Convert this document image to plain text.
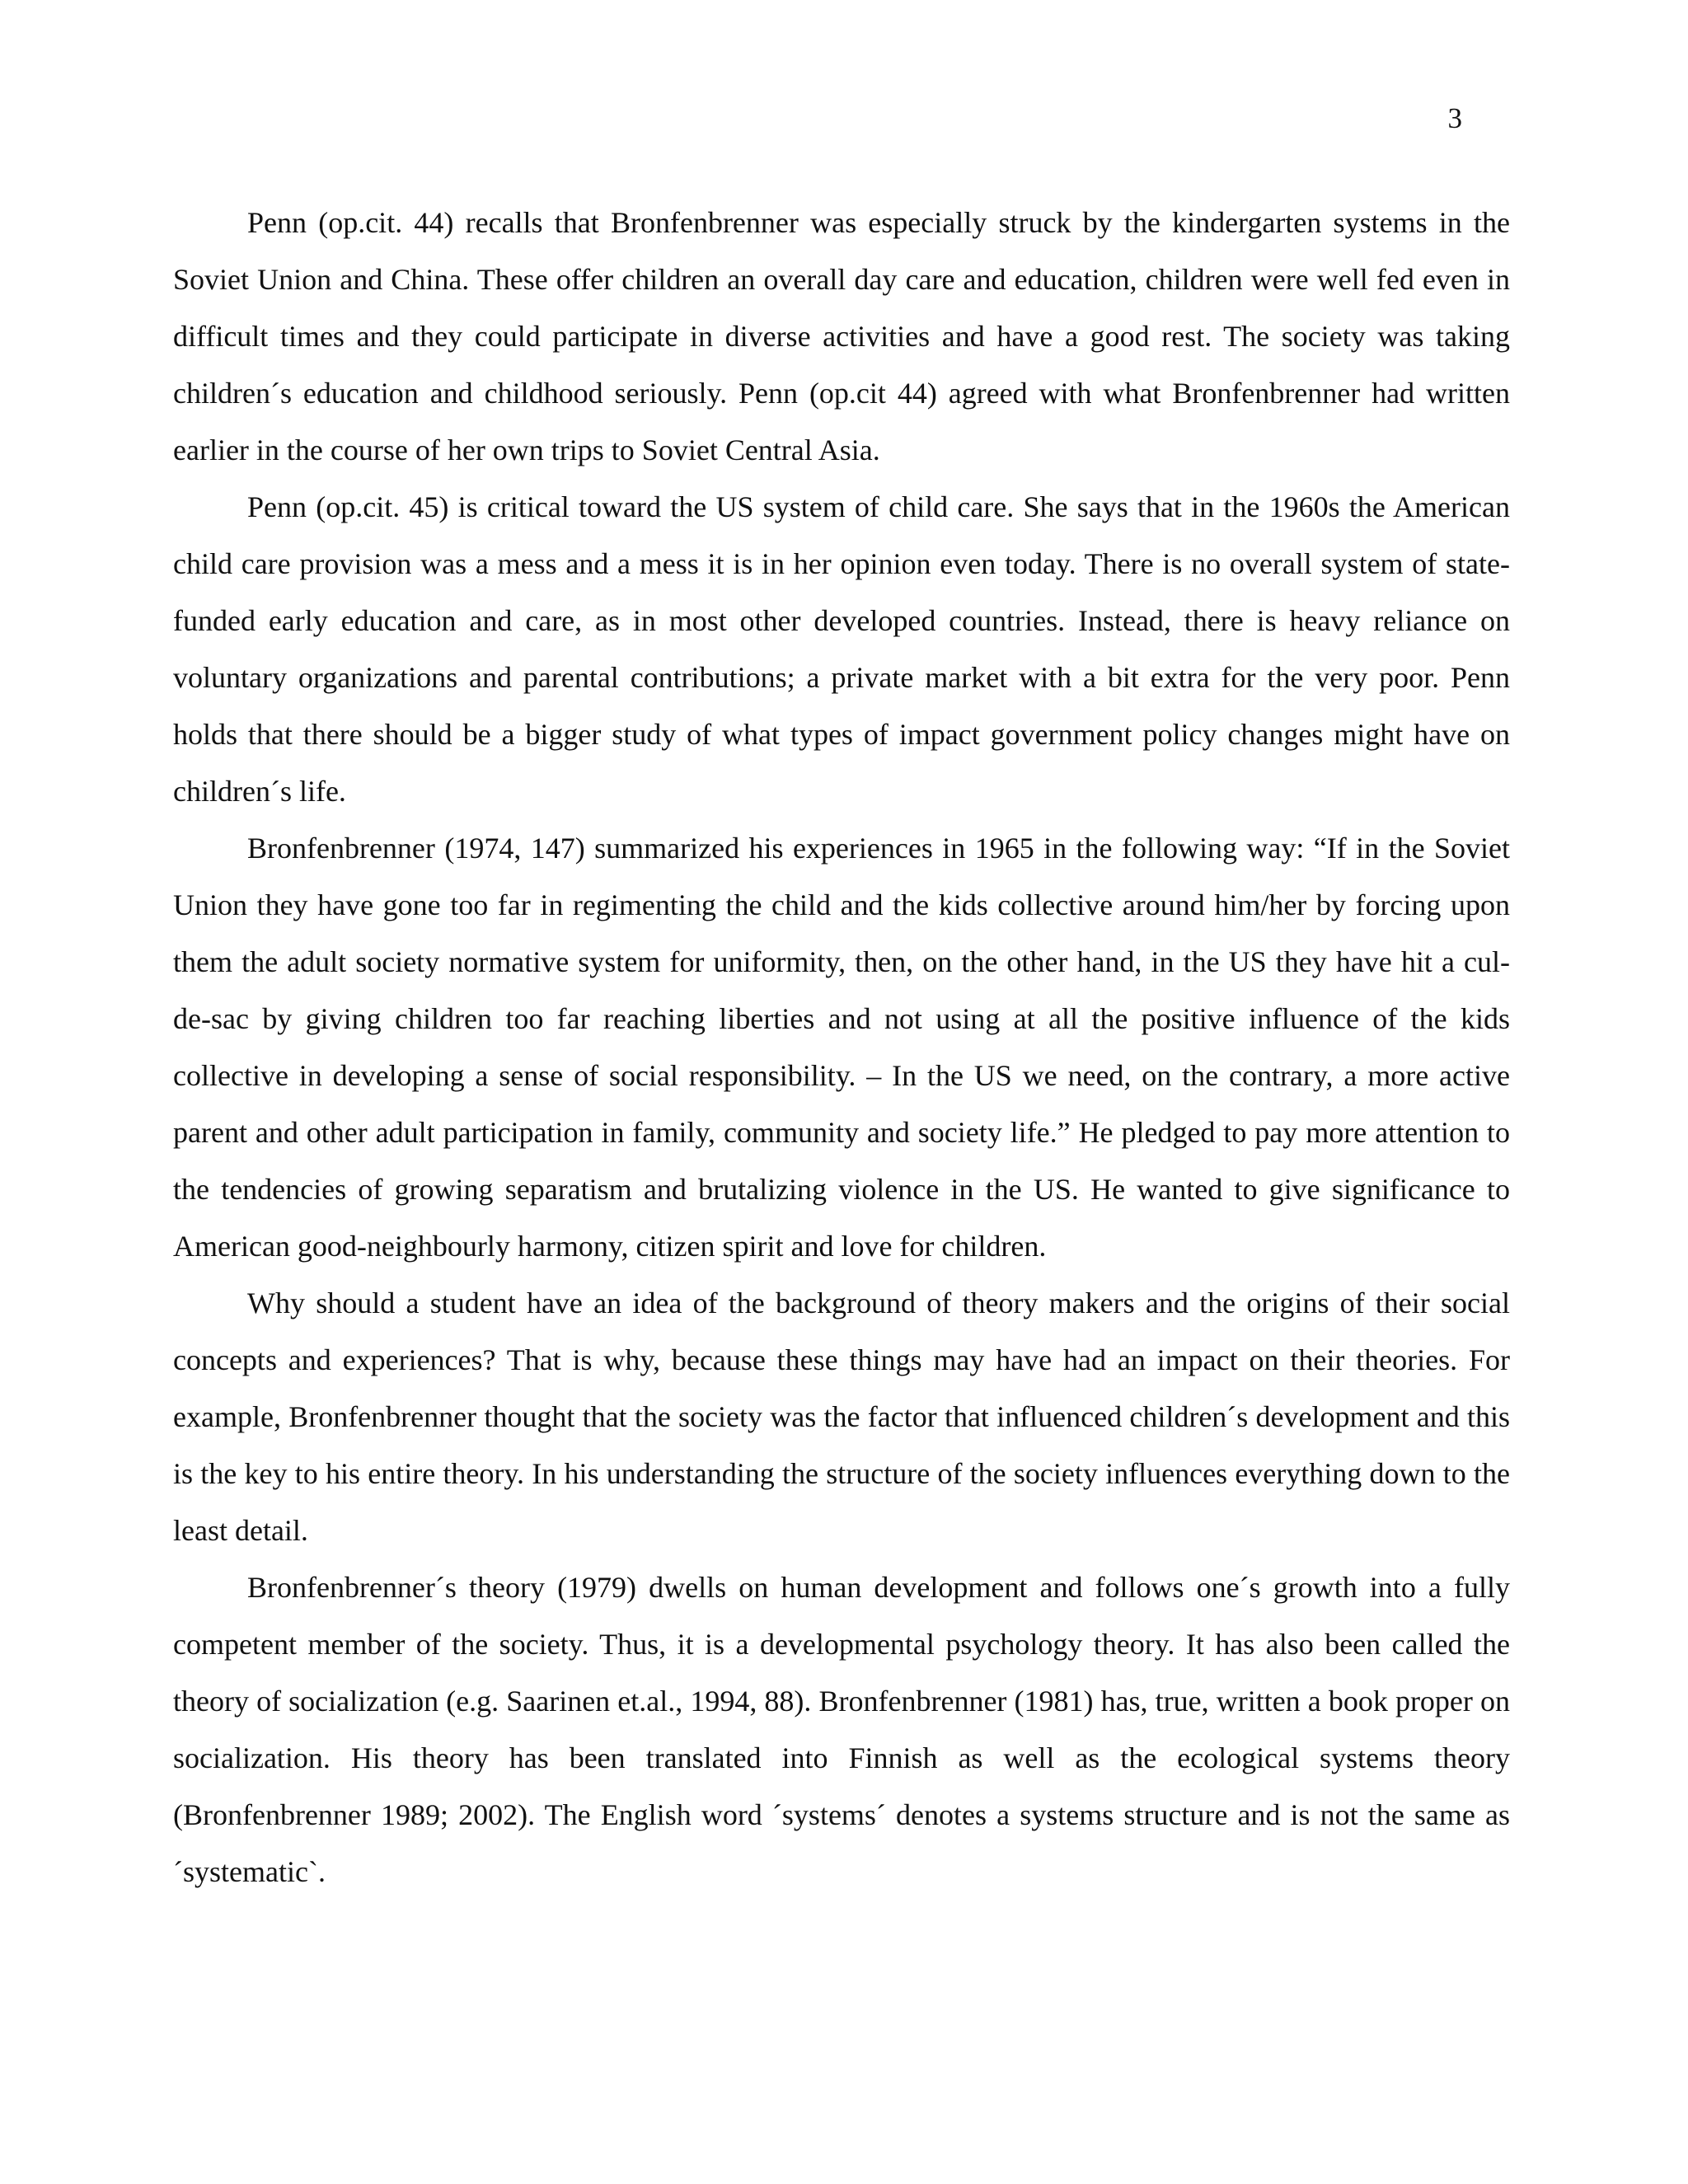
3

Penn (op.cit. 44) recalls that Bronfenbrenner was especially struck by the kindergarten systems in the Soviet Union and China. These offer children an overall day care and education, children were well fed even in difficult times and they could participate in diverse activities and have a good rest. The society was taking children´s education and childhood seriously. Penn (op.cit 44) agreed with what Bronfenbrenner had written earlier in the course of her own trips to Soviet Central Asia.

Penn (op.cit. 45) is critical toward the US system of child care. She says that in the 1960s the American child care provision was a mess and a mess it is in her opinion even today. There is no overall system of state-funded early education and care, as in most other developed countries. Instead, there is heavy reliance on voluntary organizations and parental contributions; a private market with a bit extra for the very poor. Penn holds that there should be a bigger study of what types of impact government policy changes might have on children´s life.

Bronfenbrenner (1974, 147) summarized his experiences in 1965 in the following way: “If in the Soviet Union they have gone too far in regimenting the child and the kids collective around him/her by forcing upon them the adult society normative system for uniformity, then, on the other hand, in the US they have hit a cul-de-sac by giving children too far reaching liberties and not using at all the positive influence of the kids collective in developing a sense of social responsibility. – In the US we need, on the contrary, a more active parent and other adult participation in family, community and society life.” He pledged to pay more attention to the tendencies of growing separatism and brutalizing violence in the US. He wanted to give significance to American good-neighbourly harmony, citizen spirit and love for children.

Why should a student have an idea of the background of theory makers and the origins of their social concepts and experiences? That is why, because these things may have had an impact on their theories. For example, Bronfenbrenner thought that the society was the factor that influenced children´s development and this is the key to his entire theory. In his understanding the structure of the society influences everything down to the least detail.

Bronfenbrenner´s theory (1979) dwells on human development and follows one´s growth into a fully competent member of the society. Thus, it is a developmental psychology theory. It has also been called the theory of socialization (e.g. Saarinen et.al., 1994, 88). Bronfenbrenner (1981) has, true, written a book proper on socialization. His theory has been translated into Finnish as well as the ecological systems theory (Bronfenbrenner 1989; 2002). The English word ´systems´ denotes a systems structure and is not the same as ´systematic`.
